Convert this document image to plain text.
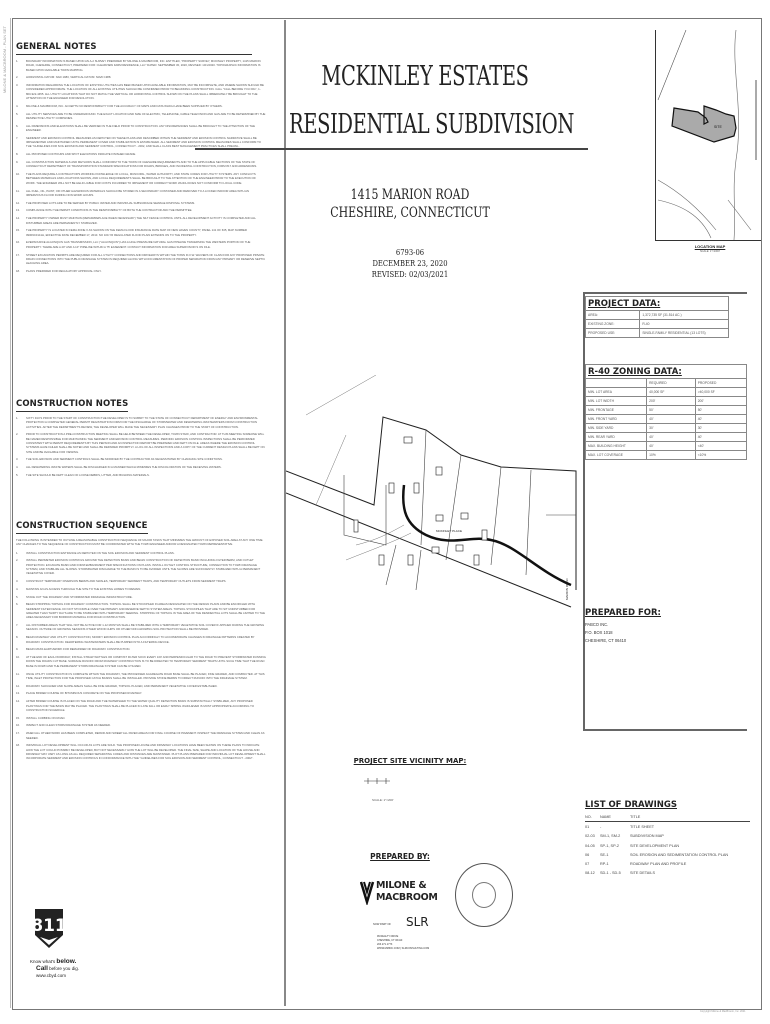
MILONE & MACBROOM - PLAN SET GENERAL NOTES
1.	BOUNDARY INFORMATION IS BASED UPON AN A-2 SURVEY PREPARED BY MILONE & MACBROOM, INC. ENTITLED, "PROPERTY SURVEY, MCKINLEY PROPERTY, 1415 MARION ROAD, CHESHIRE, CONNECTICUT, PREPARED FOR: CLEARVIEW FARM RESIDENCE, LLC" DATED: SEPTEMBER 30, 2020, REVISED: 10/1/2020. TOPOGRAPHIC INFORMATION IS BASED UPON AVAILABLE TOWN MAPPING.
2.	HORIZONTAL DATUM: NAD 1983, VERTICAL DATUM: NAVD 1988.
3.	INFORMATION REGARDING THE LOCATION OF EXISTING UTILITIES HAS BEEN BASED UPON AVAILABLE INFORMATION, MAY BE INCOMPLETE, AND WHERE SHOWN SHOULD BE CONSIDERED APPROXIMATE. THE LOCATION OF ALL EXISTING UTILITIES SHOULD BE CONFIRMED PRIOR TO BEGINNING CONSTRUCTION. CALL "CALL BEFORE YOU DIG", 1-800-922-4455. ALL UTILITY LOCATIONS THAT DO NOT MATCH THE VERTICAL OR HORIZONTAL CONTROL SHOWN ON THE PLANS SHALL IMMEDIATELY BE BROUGHT TO THE ATTENTION OF THE ENGINEER FOR RESOLUTION.
4.	MILONE & MACBROOM, INC. ACCEPTS NO RESPONSIBILITY FOR THE ACCURACY OF MAPS AND DATA WHICH HAVE BEEN SUPPLIED BY OTHERS.
5.	ALL UTILITY SERVICES ARE TO BE UNDERGROUND. THE EXACT LOCATION AND SIZE OF ELECTRIC, TELEPHONE, CABLE TELEVISION AND GAS ARE TO BE DETERMINED BY THE RESPECTIVE UTILITY COMPANIES.
6.	ALL DIMENSIONS AND ELEVATIONS SHALL BE VERIFIED IN THE FIELD PRIOR TO CONSTRUCTION. ANY DISCREPANCIES SHALL BE BROUGHT TO THE ATTENTION OF THE ENGINEER.
7.	SEDIMENT AND EROSION CONTROL MEASURES AS DEPICTED ON THESE PLANS AND DESCRIBED WITHIN THE SEDIMENT AND EROSION CONTROL NARRATIVE SHALL BE IMPLEMENTED AND MAINTAINED UNTIL PERMANENT COVER AND STABILIZATION IS ESTABLISHED. ALL SEDIMENT AND EROSION CONTROL MEASURES SHALL CONFORM TO THE "GUIDELINES FOR SOIL EROSION AND SEDIMENT CONTROL, CONNECTICUT - 2002, AND SHALL CLASS BEST MANAGEMENT PRACTICES SHALL PREVAIL.
8.	ALL PROPOSED CONTOURS AND SPOT ELEVATIONS INDICATE FINISHED GRADE.
9.	ALL CONSTRUCTION MATERIALS AND METHODS SHALL CONFORM TO THE TOWN OF CHESHIRE REQUIREMENTS AND TO THE APPLICABLE SECTIONS OF THE STATE OF CONNECTICUT DEPARTMENT OF TRANSPORTATION STANDARD SPECIFICATIONS FOR ROADS, BRIDGES, AND INCIDENTAL CONSTRUCTION, FORM 817 AND ADDENDUMS.
10.	THE PLANS REQUIRE A CONTRACTOR'S WORKING KNOWLEDGE OF LOCAL, MUNICIPAL, WATER AUTHORITY, AND STATE CODES FOR UTILITY SYSTEMS. ANY CONFLICTS BETWEEN MATERIALS AND LOCATIONS SHOWN, AND LOCAL REQUIREMENTS SHALL BE BROUGHT TO THE ATTENTION OF THE ENGINEER PRIOR TO THE EXECUTION OF WORK. THE ENGINEER WILL NOT BE HELD LIABLE FOR COSTS INCURRED TO IMPLEMENT OR CORRECT WORK WHICH DOES NOT CONFORM TO LOCAL CODE.
11.	ALL FUEL, OIL, PAINT, OR OTHER HAZARDOUS MATERIALS SHOULD BE STORED IN A SECONDARY CONTAINER AND REMOVED TO A LOCKED INDOOR AREA WITH AN IMPERVIOUS FLOOR DURING NON-WORK HOURS.
12.	THE PROPOSED LOTS ARE TO BE SERVED BY PUBLIC WATER AND INDIVIDUAL SUBSURFACE SEWAGE DISPOSAL SYSTEMS.
13.	COMPLIANCE WITH THE PERMIT CONDITIONS IS THE RESPONSIBILITY OF BOTH THE CONTRACTOR AND THE PERMITTEE.
14.	THE PROPERTY OWNER MUST MAINTAIN (REPAIR/REPLACE WHEN NECESSARY) THE SILT FENCE CONTROL UNTIL ALL DEVELOPMENT ACTIVITY IS COMPLETED AND ALL DISTURBED AREAS ARE PERMANENTLY STABILIZED.
15.	THE PROPERTY IS LOCATED IN FEMA ZONE X AS SHOWN ON THE FEMA FLOOD INSURANCE RATE MAP OF NEW HAVEN COUNTY, PANEL 141 OF 635, MAP NUMBER 09009C0141H, EFFECTIVE DATE DECEMBER 17, 2010. NO 100-YR REGULATED FLOOD PLAIN EXTENDS ON TO THE PROPERTY.
16.	EVERSOURCE ALGONQUIN GAS TRANSMISSION, LLC ("ALGONQUIN") HAS A HIGH PRESSURE NATURAL GAS PIPELINE TRAVERSING THE WESTERN PORTION OF THE PROPERTY. THERE ARE A 20" AND A 10" PIPELINE WITHIN A 75' EASEMENT. CONTACT INFORMATION FOR AREA SUPERVISOR IS ON FILE.
17.	STREET EXCAVATION PERMITS ARE REQUIRED FOR ALL UTILITY CONNECTIONS AND DRIVEWAYS WITHIN THE TOWN R.O.W. WAIVERS OF CLAIM FOR ANY PROPOSED PRIVATE DRAIN CONNECTIONS INTO THE PUBLIC DRAINAGE SYSTEM IS REQUIRED ALONG WITH DOCUMENTATION OF PROPER SEPARATION FROM ANY PRIMARY OR RESERVE SEPTIC LEACHING AREA.
18.	PLANS PREPARED FOR REGULATORY APPROVAL ONLY.
CONSTRUCTION NOTES
1.	SIXTY DAYS PRIOR TO THE START OF CONSTRUCTION THE DEVELOPER IS TO SUBMIT TO THE STATE OF CONNECTICUT DEPARTMENT OF ENERGY AND ENVIRONMENTAL PROTECTION A COMPLETED GENERAL PERMIT REGISTRATION FORM FOR THE DISCHARGE OF STORMWATER AND DEWATERING WASTEWATERS FROM CONSTRUCTION ACTIVITIES. AFTER THE DEPARTMENT'S REVIEW, THE DEVELOPER WILL MAKE THE NECESSARY PLAN CHANGES PRIOR TO THE START OF CONSTRUCTION.
2.	PRIOR TO CONSTRUCTION A PRE-CONSTRUCTION MEETING SHALL BE HELD BETWEEN THE DEVELOPER, TOWN STAFF, AND CONTRACTOR. AT THIS MEETING SOMEONE WILL BE NAMED RESPONSIBLE FOR MAINTAINING THE SEDIMENT AND EROSION CONTROL MEASURES. PERIODIC EROSION CONTROL INSPECTIONS SHALL BE PERFORMED CONSISTENT WITH PERMIT REQUIREMENTS BY THIS PERSON AND AN INSPECTION REPORT BE PREPARED AND KEPT ON FILE. AREAS WHERE THE EROSION CONTROL SYSTEMS HAVE FAILED SHALL BE NOTED AND SHALL BE REPAIRED PROMPTLY. A LOG OF ALL INSPECTIONS AND A COPY OF THE CURRENT DESIGN PLANS SHALL BE KEPT ON SITE AND BE AVAILABLE FOR VIEWING.
3.	THE SOIL EROSION AND SEDIMENT CONTROLS SHALL BE MODIFIED BY THE CONTRACTOR AS NECESSITATED BY CHANGING SITE CONDITIONS.
4.	ALL DEWATERING WASTE WATERS SHALL BE DISCHARGED IN A MANNER WHICH MINIMIZES THE DISCOLORATION OF THE RECEIVING WATERS.
5.	THE SITE SHOULD BE KEPT CLEAN OF LOOSE DEBRIS, LITTER, AND BUILDING MATERIALS.
CONSTRUCTION SEQUENCE
THE FOLLOWING IS INTENDED TO OUTLINE A REASONABLE CONSTRUCTION SEQUENCE OF MAJOR TASKS THAT MINIMIZES THE AMOUNT OF EXPOSED SOIL AREA AT ANY ONE TIME. ANY CHANGES TO THE SEQUENCE OF CONSTRUCTION MUST BE COORDINATED WITH THE TOWN ENGINEER AND/OR A DESIGNATED TOWN REPRESENTATIVE.
1.	INSTALL CONSTRUCTION ENTRANCE AS DEPICTED ON THE SOIL EROSION AND SEDIMENT CONTROL PLANS.
2.	INSTALL PERIMETER EROSION CONTROLS AROUND THE DETENTION BASIN AND BEGIN CONSTRUCTION OF DETENTION BASIN INCLUDING FILTER BERM, AND OUTLET PROTECTION. EXCAVATE BASIN AND FORM EMBANKMENT PER SPECIFICATIONS ON PLANS. INSTALL OUTLET CONTROL STRUCTURE, CONNECTION TO TOWN DRAINAGE SYSTEM, AND STABILIZE ALL SLOPES. STORMWATER DISCHARGE TO THE BASIN IS TO BE AVOIDED UNTIL THE SLOPES ARE SUFFICIENTLY STABILIZED WITH A PERMANENT VEGETATIVE COVER.
3.	CONSTRUCT TEMPORARY DIVERSION BERMS AND SWALES, TEMPORARY SEDIMENT TRAPS, AND TEMPORARY OUTLETS FROM SEDIMENT TRAPS.
4.	MAINTAIN AN AS ACCESS THROUGH THE SITE TO THE EXISTING HOMES TO REMAIN.
5.	STAKE OUT THE ROADWAY AND STORMWATER DRAINAGE INFRASTRUCTURE.
6.	BEGIN STRIPPING TOPSOIL FOR ROADWAY CONSTRUCTION. TOPSOIL SHALL BE STOCKPILED IN AREAS DESIGNATED ON THE DESIGN PLANS AND BE ENCIRCLED WITH SEDIMENT FILTER FENCE. DO NOT STOCKPILE OVER THE PRIMARY AND RESERVE SEPTIC SYSTEM AREAS. TOPSOIL STOCKPILES THAT ARE TO SIT UNDISTURBED FOR GREATER THAN THIRTY DAYS ARE TO BE STABILIZED WITH TEMPORARY SEEDING. STRIPPING OF TOPSOIL IN THE AREA OF THE RESIDENTIAL LOTS SHALL BE LIMITED TO THE AREA NECESSARY FOR BORROW MATERIAL FOR ROAD CONSTRUCTION.
7.	ALL DISTURBED AREAS THAT WILL NOT BE ACTIVE FOR 1-12 MONTHS SHALL BE STABILIZED WITH A TEMPORARY VEGETATIVE SOIL COVER IF APPLIED DURING THE GROWING SEASON. OUTSIDE OF GROWING SEASONS OTHER WOOD CHIPS OR OTHER NON-GROWING SOIL PROTECTION SHALL BE PROVIDED.
8.	BEGIN ROADWAY AND UTILITY CONSTRUCTION, MODIFY EROSION CONTROL PLAN ACCORDINGLY TO ACCOMMODATE CHANGES IN DRAINAGE PATTERNS CREATED BY ROADWAY CONSTRUCTION. DEWATERING WASTEWATERS SHALL BE PUMPED INTO A FILTERING DEVICE.
9.	BEGIN MASS EARTHWORK FOR REMAINDER OF ROADWAY CONSTRUCTION.
10.	AT THE END OF EACH WORKDAY, INSTALL STRAW WATTLES OR COMPOST FILTER SOCK EVERY 100' AND PERPENDICULAR TO THE ROAD TO PREVENT STORMWATER RUNNING DOWN THE ROADS CUT BASE. SURFACE RUNOFF FROM ROADWAY CONSTRUCTION IS TO BE DIRECTED TO TEMPORARY SEDIMENT TRAPS UNTIL SUCH TIME THAT THE ROAD BASE IS DOWN AND THE PERMANENT STORM DRAINAGE SYSTEM CAN BE UTILIZED.
11.	ONCE UTILITY CONSTRUCTION IS COMPLETE WITHIN THE ROADWAY, THE PROCESSED AGGREGATE ROAD BASE SHALL BE PLACED, FINE GRADED, AND COMPACTED. AT THIS TIME, INLET PROTECTION FOR THE PROPOSED CATCH BASINS SHALL BE INSTALLED. PROVIDE STONE BERMS TO DIRECT RUNOFF INTO THE DRAINAGE SYSTEM.
12.	ROADWAY SHOULDER AND SLOPE AREAS SHALL BE FINE GRADED, TOPSOIL PLACED, AND PERMANENT VEGETATIVE COVER ESTABLISHED.
13.	PLACE BINDER COURSE OF BITUMINOUS CONCRETE ON THE PROPOSED ROADWAY.
14.	AFTER BINDER COURSE IS PLACED ON THE ROAD AND THE WATERSHED TO THE WATER QUALITY DETENTION BASIN IS SUBSTANTIALLY STABILIZED, ANY PROPOSED PLANTINGS FOR THE BASIN MAY BE PLACED. THE PLANTINGS SHALL BE PLACED IN LATE FALL OR EARLY SPRING WHICHEVER IS MOST APPROPRIATE ACCORDING TO CONSTRUCTION SCHEDULE.
15.	INSTALL CURBING ON ROAD.
16.	INSPECT AND CLEAN STORM DRAINAGE SYSTEM AS NEEDED.
17.	WHEN ALL OTHER WORK HAS BEEN COMPLETED, REPAIR AND SWEEP ALL PAVED AREAS FOR FINAL COURSE OF PAVEMENT. INSPECT THE DRAINAGE SYSTEM AND CLEAN AS NEEDED.
18.	INDIVIDUAL LOT DEVELOPMENT WILL OCCUR AS LOTS ARE SOLD. THE PROPOSED HOUSE AND DRIVEWAY LOCATIONS HAVE BEEN SHOWN ON THESE PLANS TO INDICATE HOW THE LOT COULD POSSIBLY BE DEVELOPED, BUT NOT NECESSARILY HOW THE LOT WILL BE DEVELOPED. THE FINAL SIZE, SHAPE AND LOCATION OF THE HOUSE AND DRIVEWAY MAY VARY AS LONG AS ALL REQUIRED SEPARATING CODES AND DISTANCES ARE MAINTAINED. PLOT PLANS PREPARED FOR INDIVIDUAL LOT DEVELOPMENT SHALL INCORPORATE SEDIMENT AND EROSION CONTROLS IN CONFORMANCE WITH THE "GUIDELINES FOR SOIL EROSION AND SEDIMENT CONTROL, CONNECTICUT - 2002".
811
Know what's below.
Call before you dig.
www.cbyd.com
MCKINLEY ESTATES
RESIDENTIAL SUBDIVISION
1415 MARION ROAD
CHESHIRE, CONNECTICUT
6793-06
DECEMBER 23, 2020
REVISED: 02/03/2021
SITE
LOCATION MAP
SCALE: 1"=1000'
PROJECT DATA:
AREA:	1,372,735 SF (31.514 AC.)
EXISTING ZONE:	R-40
PROPOSED USE:	SINGLE-FAMILY RESIDENTIAL (13 LOTS)
R-40 ZONING DATA:
	REQUIRED	PROPOSED
MIN. LOT AREA	40,000 SF	>40,000 SF
MIN. LOT WIDTH	200'	200'
MIN. FRONTAGE	50'	50'
MIN. FRONT YARD	40'	40'
MIN. SIDE YARD	30'	30'
MIN. REAR YARD	40'	40'
MAX. BUILDING HEIGHT	40'	<40'
MAX. LOT COVERAGE	10%	<10%
PREPARED FOR:
PABCO INC.
P.O. BOX 1018
CHESHIRE, CT 06410
MCKINLEY PLACE
MARION ROAD
PROJECT SITE VICINITY MAP:
SCALE: 1"=200'
PREPARED BY:
MILONE &
MACBROOM
NOW PART OF SLR
99 REALTY DRIVE
CHESHIRE, CT 06410
203.271.1773
WWW.MMINC.COM | SLRCONSULTING.COM
LIST OF DRAWINGS
NO.	NAME	TITLE
01	-	TITLE SHEET
02-03	SM-1, SM-2	SUBDIVISION MAP
04-05	SP-1, SP-2	SITE DEVELOPMENT PLAN
06	SE-1	SOIL EROSION AND SEDIMENTATION CONTROL PLAN
07	RP-1	ROADWAY PLAN AND PROFILE
08-12	SD-1 - SD-5	SITE DETAILS
Copyright Milone & MacBroom, Inc. 2021
